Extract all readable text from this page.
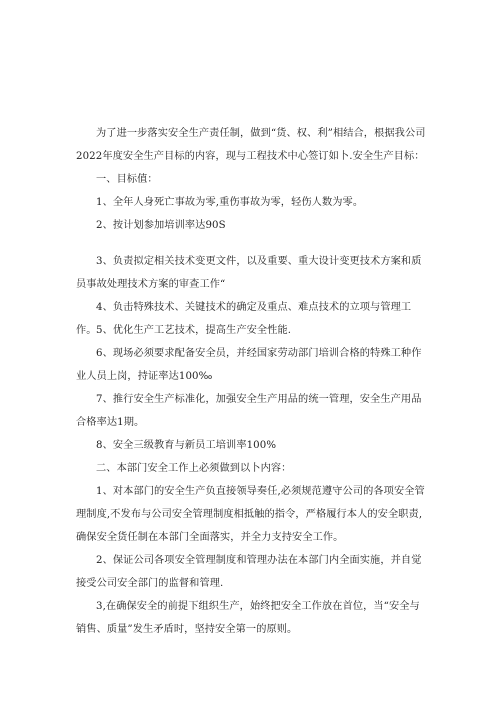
为了进一步落实安全生产责任制，做到“货、权、利”相结合，根据我公司2022年度安全生产目标的内容，现与工程技术中心签订如卜.安全生产目标：

一、目标值：

1、全年人身死亡事故为零,重伤事故为零，轻伤人数为零。

2、按计划参加培训率达90S

3、负责拟定相关技术变更文件，以及重要、重大设计变更技术方案和质员事故处理技术方案的审查工作“

4、负击特殊技术、关键技术的确定及重点、难点技术的立项与管理工作。 5、优化生产工艺技术，提高生产安全性能.

6、现场必须要求配备安全员，并经国家劳动部门培训合格的特殊工种作业人员上岗，持证率达100‰

7、推行安全生产标准化，加强安全生产用品的统一管理，安全生产用品合格率达1期。

8、安全三级教育与新员工培训率100%

二、本部门安全工作上必须做到以卜内容：

1、对本部门的安全生产负直接领导奏任,必须规范遵守公司的各项安全管理制度,不发布与公司安全管理制度相抵触的指令，严格履行本人的安全职责,确保安全货任制在本部门全面落实，并全力支持安全工作。

2、保证公司各项安全管理制度和管理办法在本部门内全面实施，并自觉接受公司安全部门的监督和管理.

3,在确保安全的前提下组织生产，始终把安全工作放在首位，当“安全与销售、质量”发生矛盾时，坚持安全第一的原则。
